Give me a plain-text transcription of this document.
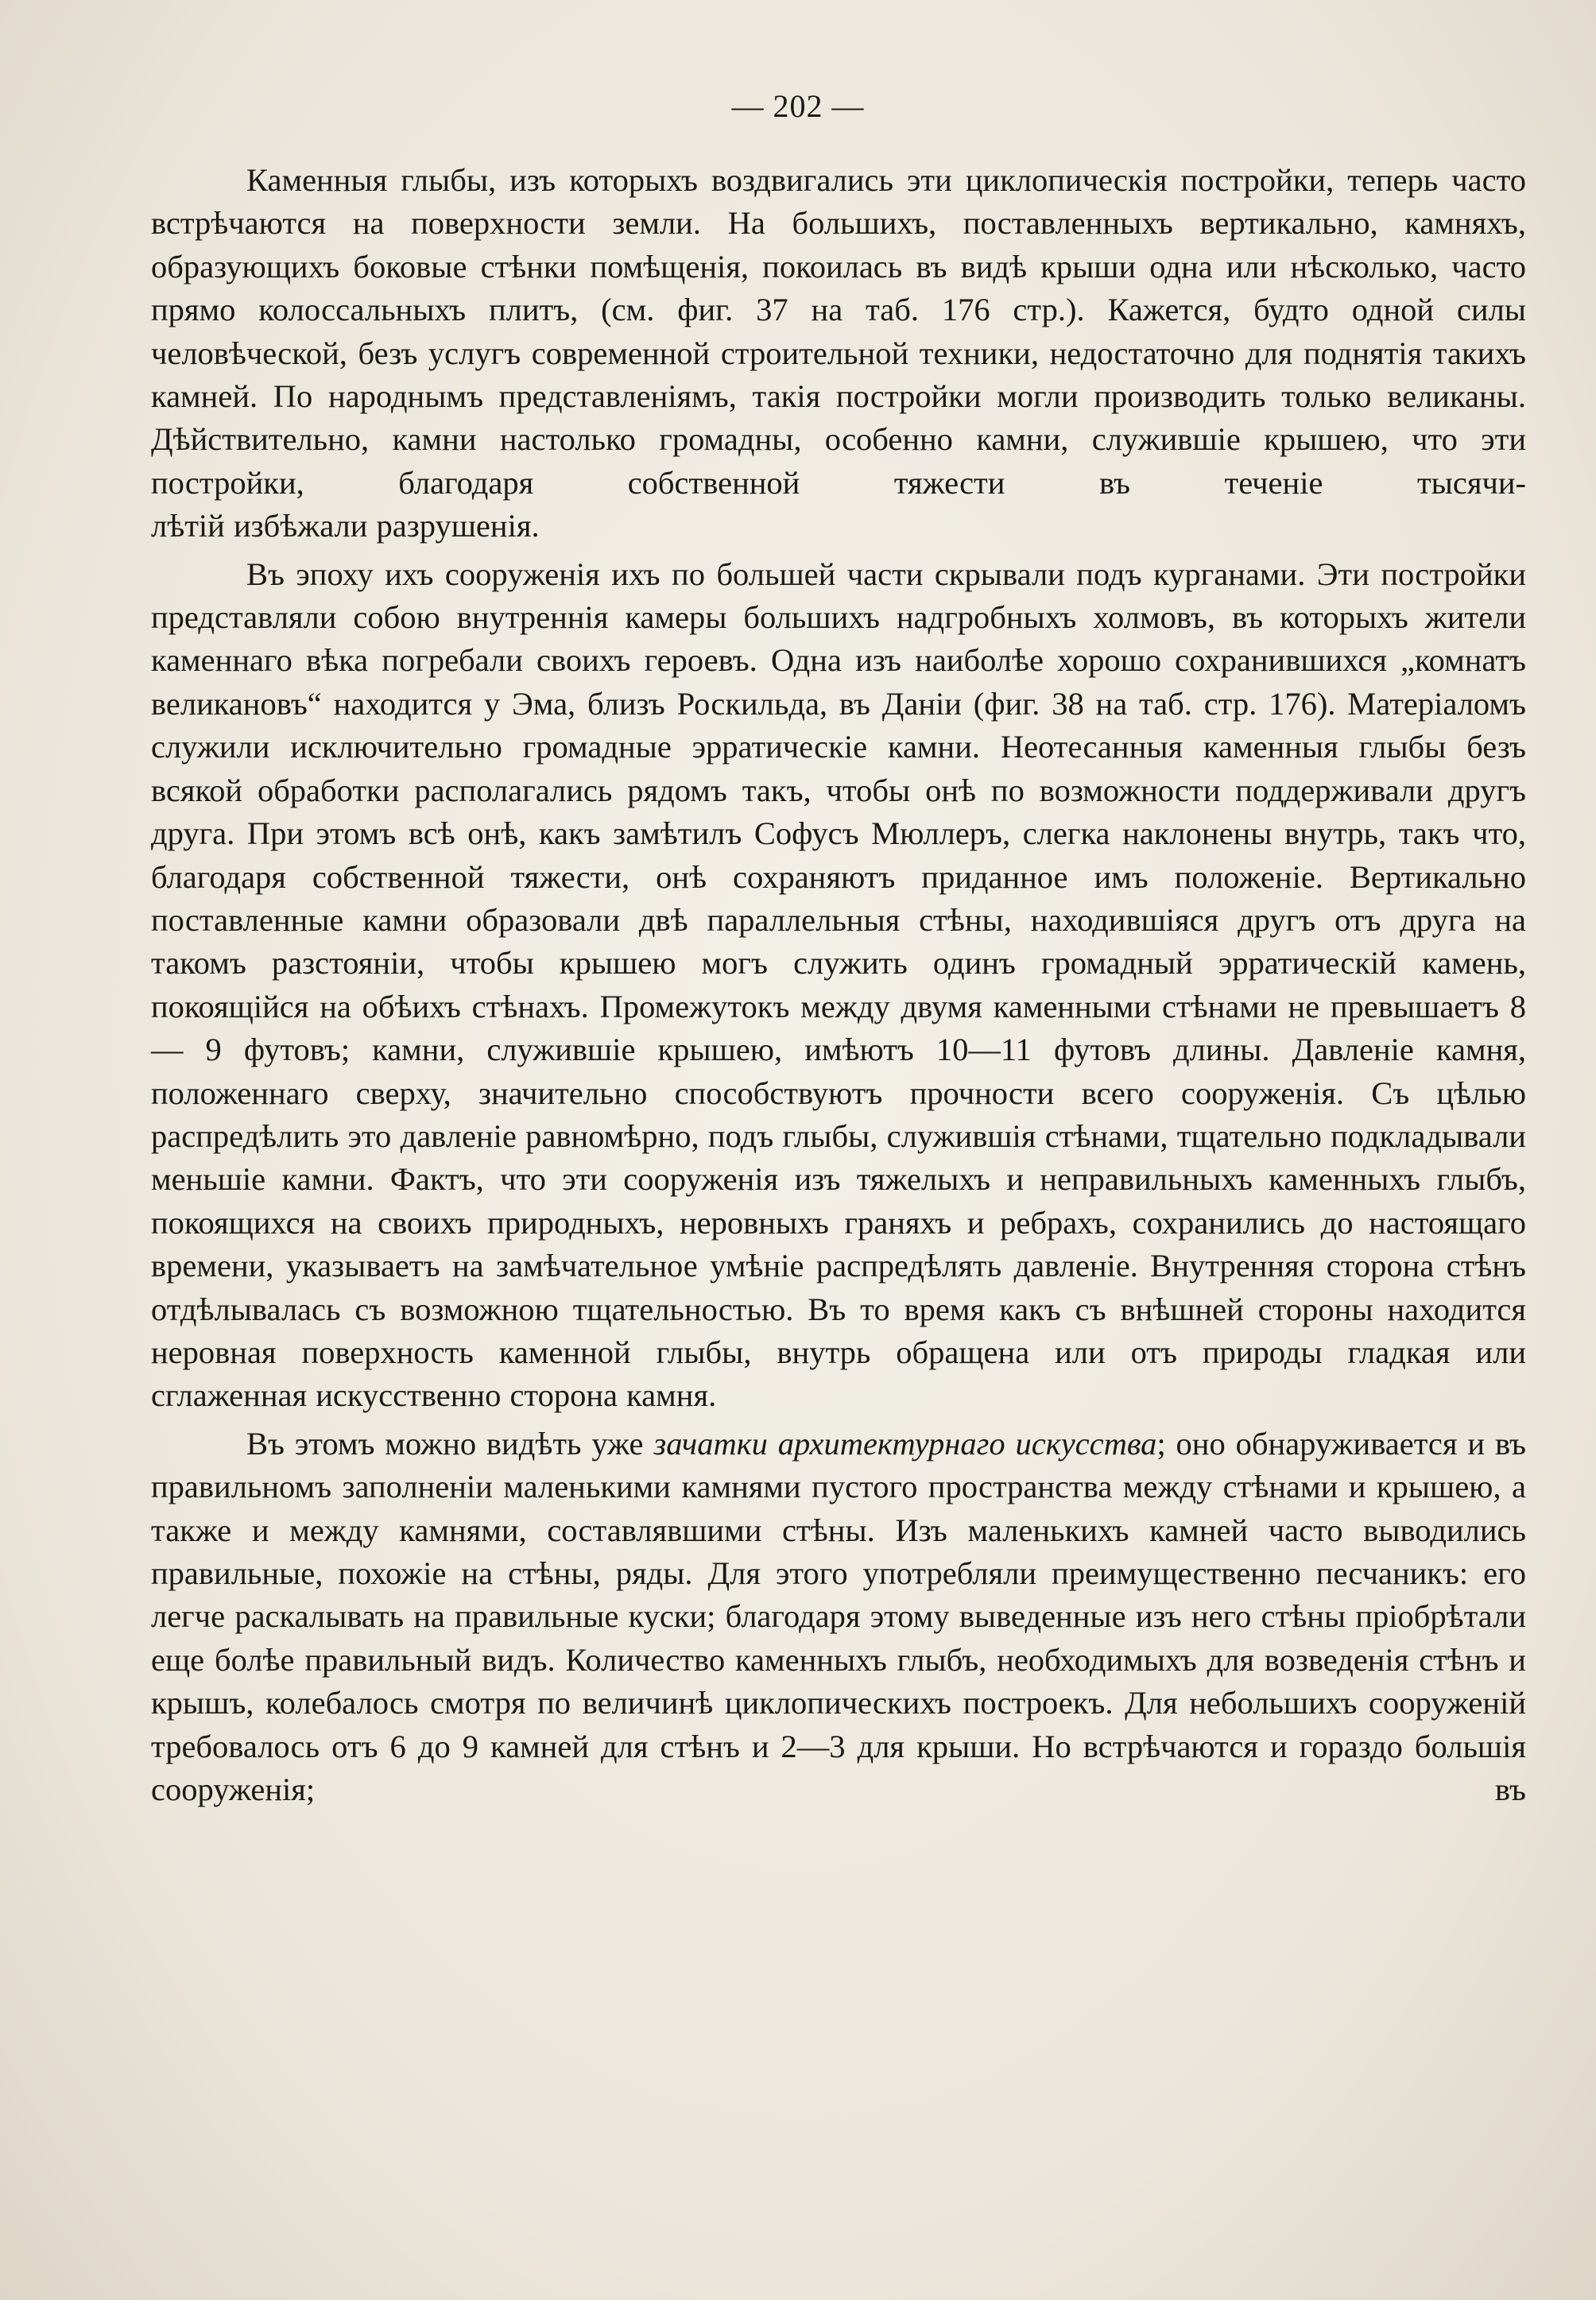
— 202 —

Каменныя глыбы, изъ которыхъ воздвигались эти циклопическія постройки, теперь часто встрѣчаются на поверхности земли. На большихъ, поставленныхъ вертикально, камняхъ, образующихъ боковые стѣнки помѣщенія, покоилась въ видѣ крыши одна или нѣсколько, часто прямо колоссальныхъ плитъ, (см. фиг. 37 на таб. 176 стр.). Кажется, будто одной силы человѣческой, безъ услугъ современной строительной техники, недостаточно для поднятія такихъ камней. По народнымъ представленіямъ, такія постройки могли производить только великаны. Дѣйствительно, камни настолько громадны, особенно камни, служившіе крышею, что эти постройки, благодаря собственной тяжести въ теченіе тысячи-
лѣтій избѣжали разрушенія.

Въ эпоху ихъ сооруженія ихъ по большей части скрывали подъ курганами. Эти постройки представляли собою внутреннія камеры большихъ надгробныхъ холмовъ, въ которыхъ жители каменнаго вѣка погребали своихъ героевъ. Одна изъ наиболѣе хорошо сохранившихся „комнатъ великановъ“ находится у Эма, близъ Роскильда, въ Даніи (фиг. 38 на таб. стр. 176). Матеріаломъ служили исключительно громадные эрратическіе камни. Неотесанныя каменныя глыбы безъ всякой обработки располагались рядомъ такъ, чтобы онѣ по возможности поддерживали другъ друга. При этомъ всѣ онѣ, какъ замѣтилъ Софусъ Мюллеръ, слегка наклонены внутрь, такъ что, благодаря собственной тяжести, онѣ сохраняютъ приданное имъ положеніе. Вертикально поставленные камни образовали двѣ параллельныя стѣны, находившіяся другъ отъ друга на такомъ разстояніи, чтобы крышею могъ служить одинъ громадный эрратическій камень, покоящійся на обѣихъ стѣнахъ. Промежутокъ между двумя каменными стѣнами не превышаетъ 8 — 9 футовъ; камни, служившіе крышею, имѣютъ 10—11 футовъ длины. Давленіе камня, положеннаго сверху, значительно способствуютъ прочности всего сооруженія. Съ цѣлью распредѣлить это давленіе равномѣрно, подъ глыбы, служившія стѣнами, тщательно подкладывали меньшіе камни. Фактъ, что эти сооруженія изъ тяжелыхъ и неправильныхъ каменныхъ глыбъ, покоящихся на своихъ природныхъ, неровныхъ граняхъ и ребрахъ, сохранились до настоящаго времени, указываетъ на замѣчательное умѣніе распредѣлять давленіе. Внутренняя сторона стѣнъ отдѣлывалась съ возможною тщательностью. Въ то время какъ съ внѣшней стороны находится неровная поверхность каменной глыбы, внутрь обращена или отъ природы гладкая или
сглаженная искусственно сторона камня.

Въ этомъ можно видѣть уже зачатки архитектурнаго искусства; оно обнаруживается и въ правильномъ заполненіи маленькими камнями пустого пространства между стѣнами и крышею, а также и между камнями, составлявшими стѣны. Изъ маленькихъ камней часто выводились правильные, похожіе на стѣны, ряды. Для этого употребляли преимущественно песчаникъ: его легче раскалывать на правильные куски; благодаря этому выведенные изъ него стѣны пріобрѣтали еще болѣе правильный видъ. Количество каменныхъ глыбъ, необходимыхъ для возведенія стѣнъ и крышъ, колебалось смотря по величинѣ циклопическихъ построекъ. Для небольшихъ сооруженій требовалось отъ 6 до 9 камней для стѣнъ и 2—3 для крыши. Но встрѣчаются и гораздо большія сооруженія; въ
